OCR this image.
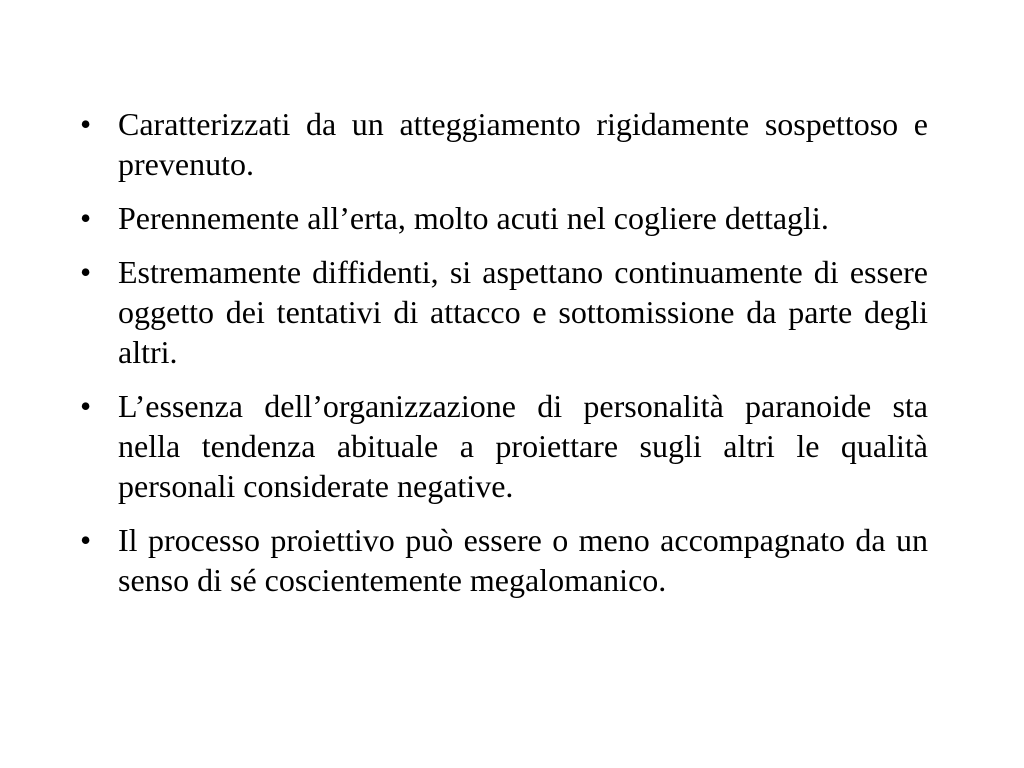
• Caratterizzati da un atteggiamento rigidamente sospettoso e prevenuto.
• Perennemente all’erta, molto acuti nel cogliere dettagli.
• Estremamente diffidenti, si aspettano continuamente di essere oggetto dei tentativi di attacco e sottomissione da parte degli altri.
• L’essenza dell’organizzazione di personalità paranoide sta nella tendenza abituale a proiettare sugli altri le qualità personali considerate negative.
• Il processo proiettivo può essere o meno accompagnato da un senso di sé coscientemente megalomanico.
